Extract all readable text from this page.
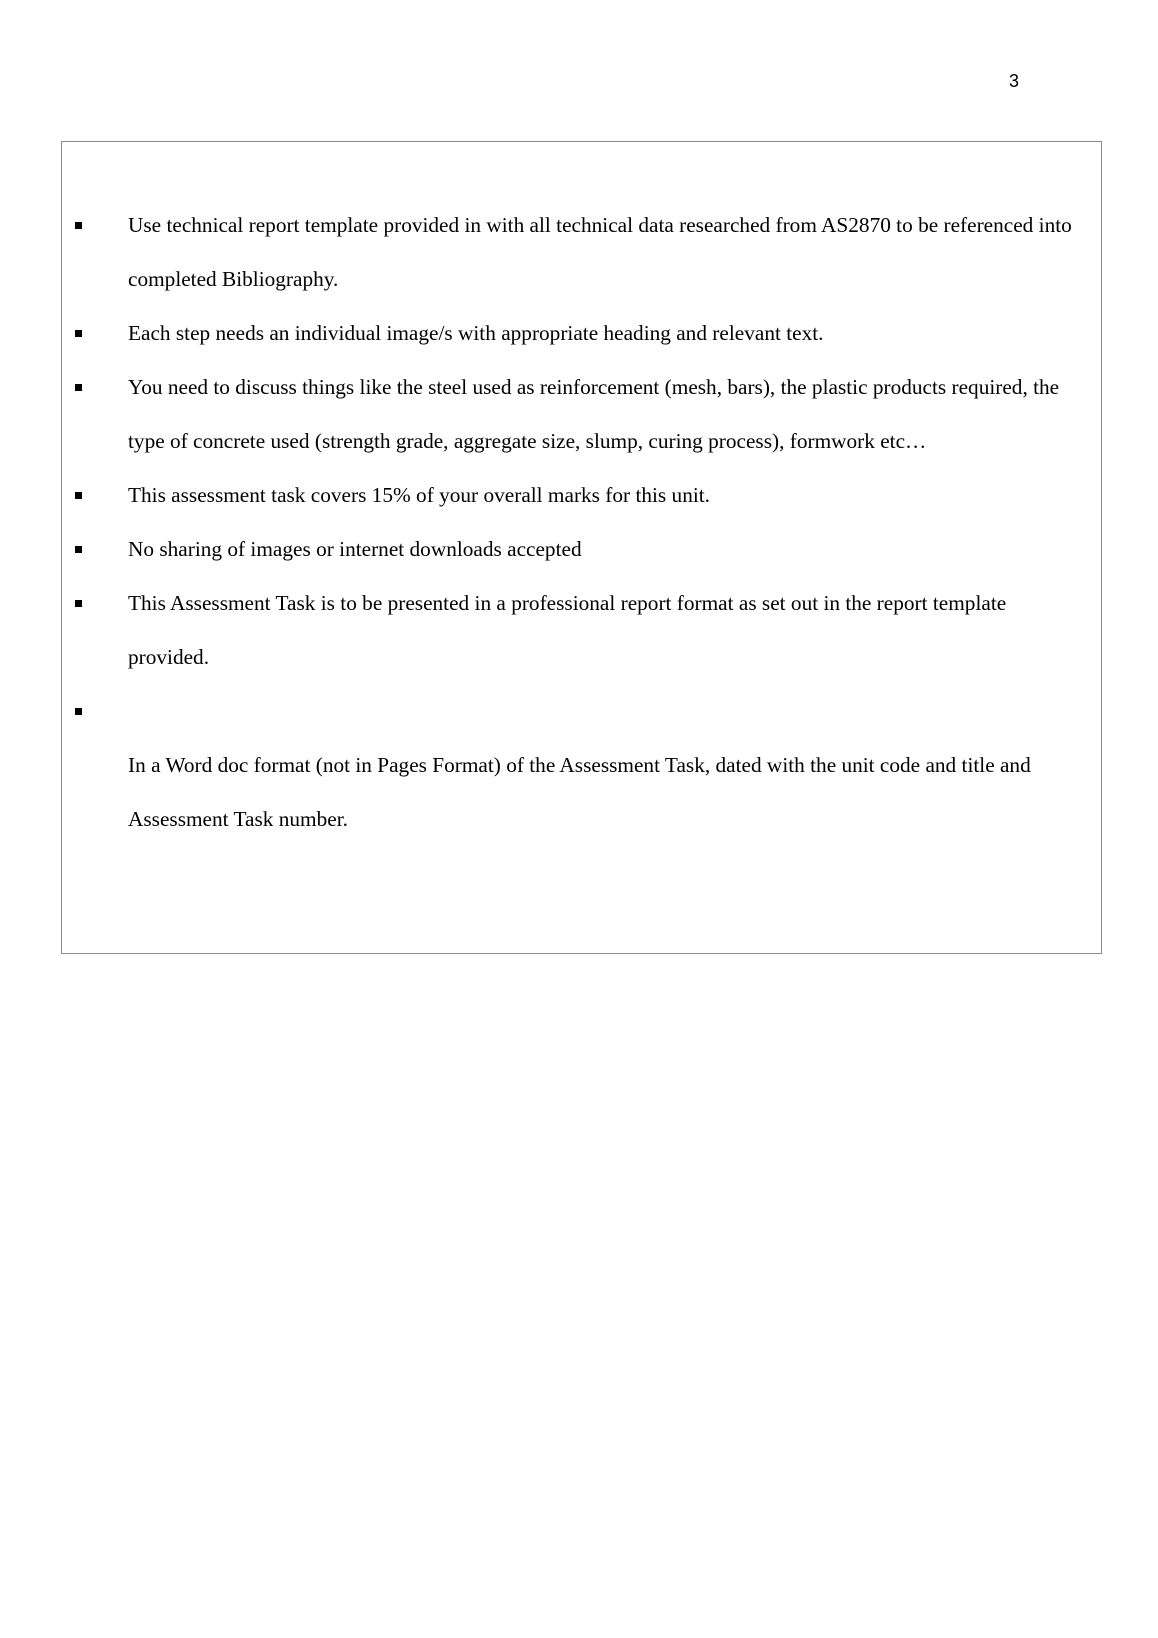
3
Use technical report template provided in with all technical data researched from AS2870 to be referenced into completed Bibliography.
Each step needs an individual image/s with appropriate heading and relevant text.
You need to discuss things like the steel used as reinforcement (mesh, bars), the plastic products required, the type of concrete used (strength grade, aggregate size, slump, curing process), formwork etc…
This assessment task covers 15% of your overall marks for this unit.
No sharing of images or internet downloads accepted
This Assessment Task is to be presented in a professional report format as set out in the report template provided.
In a Word doc format (not in Pages Format) of the Assessment Task, dated with the unit code and title and Assessment Task number.
